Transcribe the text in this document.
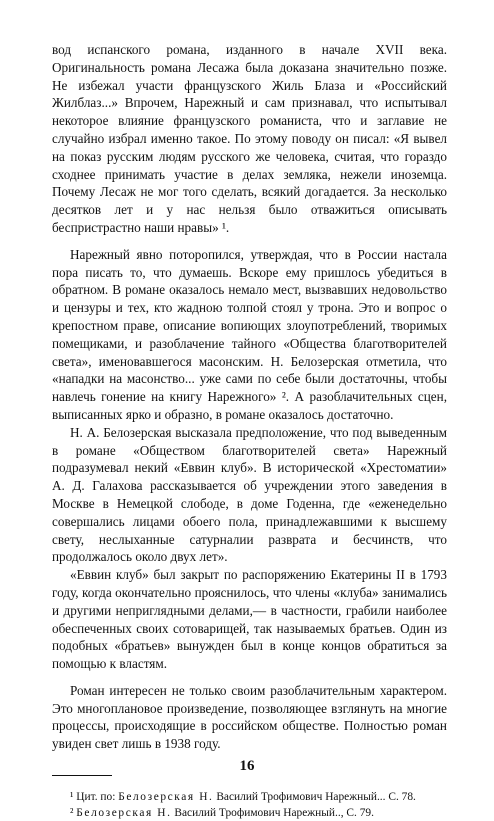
вод испанского романа, изданного в начале XVII века. Оригинальность романа Лесажа была доказана значительно позже. Не избежал участи французского Жиль Блаза и «Российский Жилблаз...» Впрочем, Нарежный и сам признавал, что испытывал некоторое влияние французского романиста, что и заглавие не случайно избрал именно такое. По этому поводу он писал: «Я вывел на показ русским людям русского же человека, считая, что гораздо сходнее принимать участие в делах земляка, нежели иноземца. Почему Лесаж не мог того сделать, всякий догадается. За несколько десятков лет и у нас нельзя было отважиться описывать беспристрастно наши нравы» ¹.

Нарежный явно поторопился, утверждая, что в России настала пора писать то, что думаешь. Вскоре ему пришлось убедиться в обратном. В романе оказалось немало мест, вызвавших недовольство и цензуры и тех, кто жадною толпой стоял у трона. Это и вопрос о крепостном праве, описание вопиющих злоупотреблений, творимых помещиками, и разоблачение тайного «Общества благотворителей света», именовавшегося масонским. Н. Белозерская отметила, что «нападки на масонство... уже сами по себе были достаточны, чтобы навлечь гонение на книгу Нарежного» ². А разоблачительных сцен, выписанных ярко и образно, в романе оказалось достаточно.

Н. А. Белозерская высказала предположение, что под выведенным в романе «Обществом благотворителей света» Нарежный подразумевал некий «Еввин клуб». В исторической «Хрестоматии» А. Д. Галахова рассказывается об учреждении этого заведения в Москве в Немецкой слободе, в доме Годенна, где «еженедельно совершались лицами обоего пола, принадлежавшими к высшему свету, неслыханные сатурналии разврата и бесчинств, что продолжалось около двух лет».

«Еввин клуб» был закрыт по распоряжению Екатерины II в 1793 году, когда окончательно прояснилось, что члены «клуба» занимались и другими неприглядными делами,— в частности, грабили наиболее обеспеченных своих сотоварищей, так называемых братьев. Один из подобных «братьев» вынужден был в конце концов обратиться за помощью к властям.

Роман интересен не только своим разоблачительным характером. Это многоплановое произведение, позволяющее взглянуть на многие процессы, происходящие в российском обществе. Полностью роман увиден свет лишь в 1938 году.

¹ Цит. по: Белозерская Н. Василий Трофимович Нарежный... С. 78.

² Белозерская Н. Василий Трофимович Нарежный.., С. 79.

16
